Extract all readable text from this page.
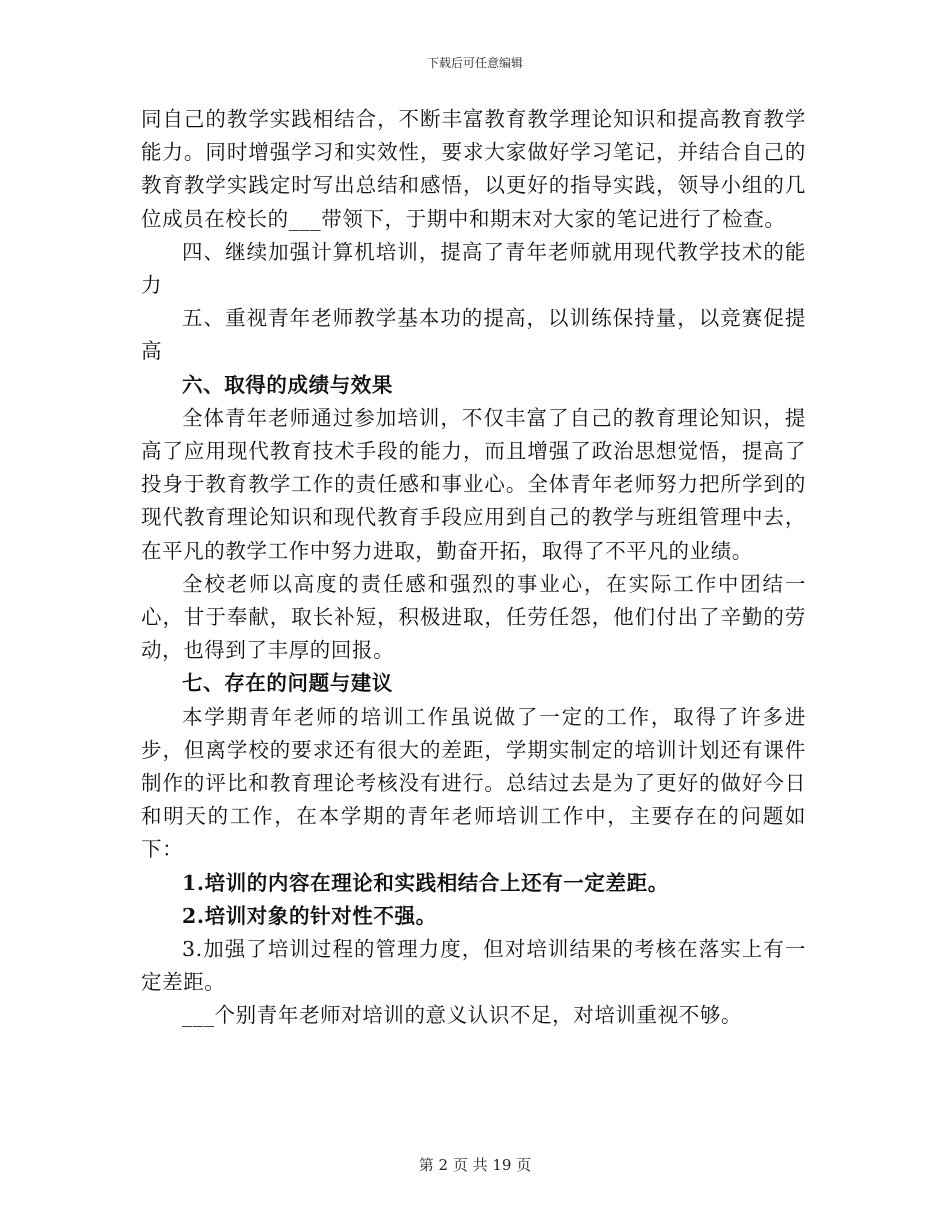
下载后可任意编辑

同自己的教学实践相结合，不断丰富教育教学理论知识和提高教育教学能力。同时增强学习和实效性，要求大家做好学习笔记，并结合自己的教育教学实践定时写出总结和感悟，以更好的指导实践，领导小组的几位成员在校长的___带领下，于期中和期末对大家的笔记进行了检查。

四、继续加强计算机培训，提高了青年老师就用现代教学技术的能力

五、重视青年老师教学基本功的提高，以训练保持量，以竞赛促提高

六、取得的成绩与效果

全体青年老师通过参加培训，不仅丰富了自己的教育理论知识，提高了应用现代教育技术手段的能力，而且增强了政治思想觉悟，提高了投身于教育教学工作的责任感和事业心。全体青年老师努力把所学到的现代教育理论知识和现代教育手段应用到自己的教学与班组管理中去，在平凡的教学工作中努力进取，勤奋开拓，取得了不平凡的业绩。

全校老师以高度的责任感和强烈的事业心，在实际工作中团结一心，甘于奉献，取长补短，积极进取，任劳任怨，他们付出了辛勤的劳动，也得到了丰厚的回报。

七、存在的问题与建议

本学期青年老师的培训工作虽说做了一定的工作，取得了许多进步，但离学校的要求还有很大的差距，学期实制定的培训计划还有课件制作的评比和教育理论考核没有进行。总结过去是为了更好的做好今日和明天的工作，在本学期的青年老师培训工作中，主要存在的问题如下：

1.培训的内容在理论和实践相结合上还有一定差距。

2.培训对象的针对性不强。

3.加强了培训过程的管理力度，但对培训结果的考核在落实上有一定差距。

___个别青年老师对培训的意义认识不足，对培训重视不够。

第 2 页 共 19 页
